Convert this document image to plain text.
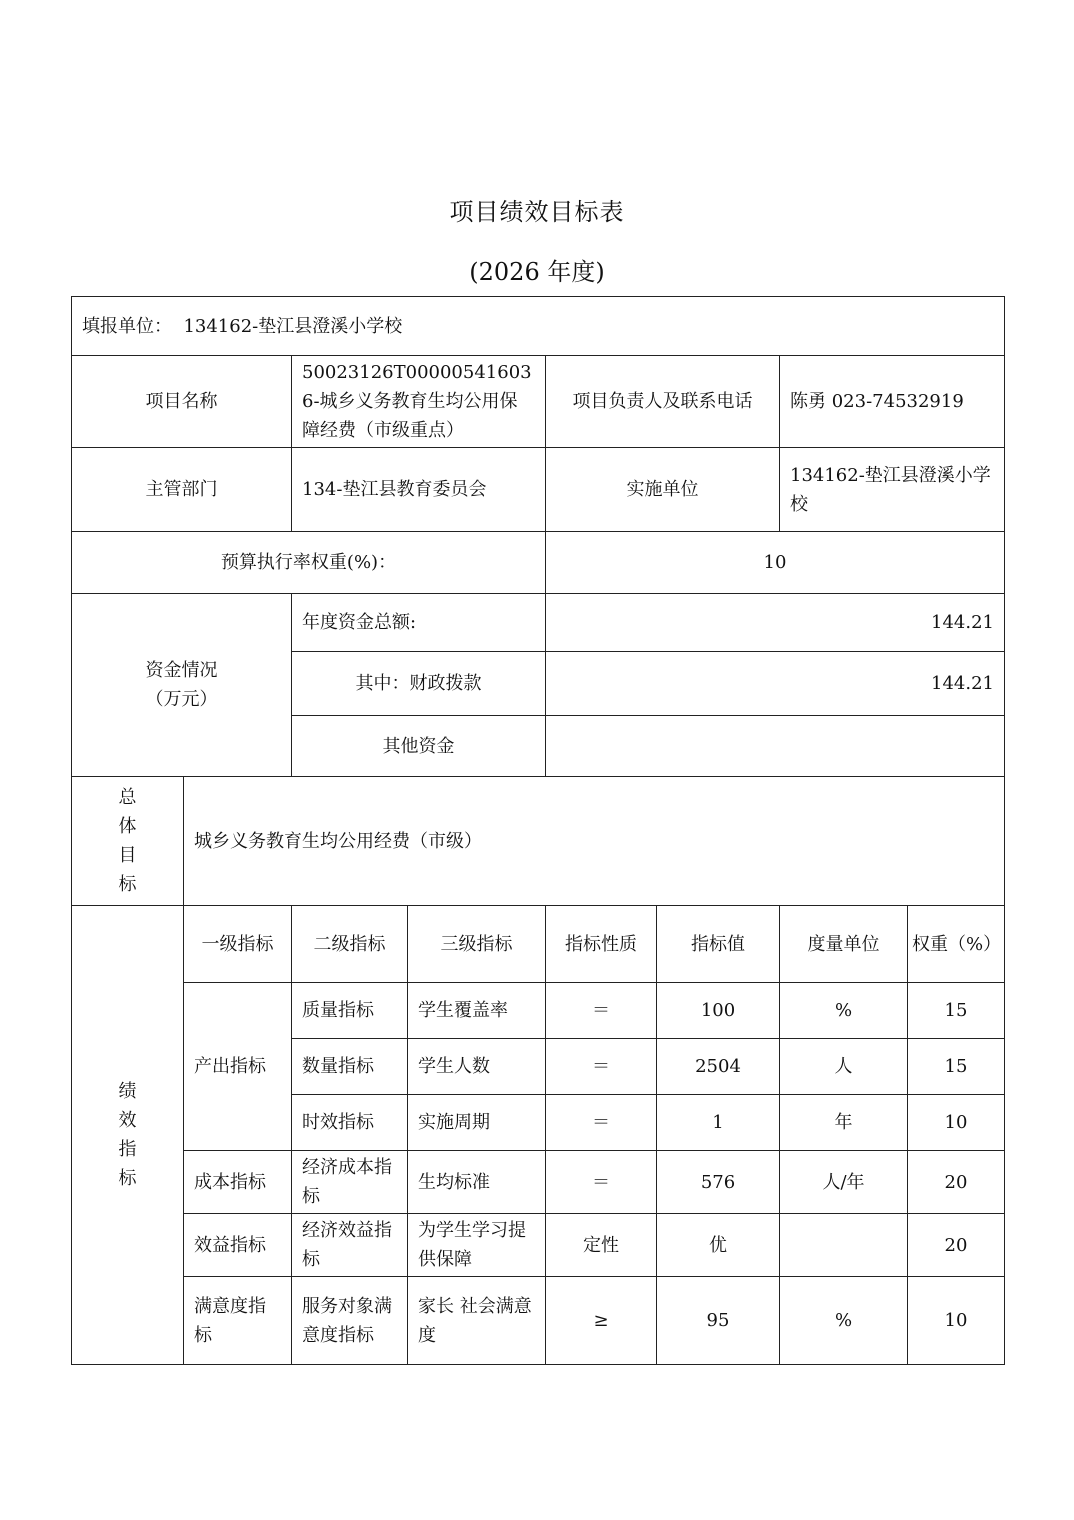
项目绩效目标表
(2026 年度)
填报单位： 134162-垫江县澄溪小学校							
项目名称		50023126T000005416036-城乡义务教育生均公用保障经费（市级重点）		项目负责人及联系电话		陈勇 023-74532919	
主管部门		134-垫江县教育委员会		实施单位		134162-垫江县澄溪小学校	
预算执行率权重(%)：				10			
资金情况
（万元）		年度资金总额:		144.21			
		其中：财政拨款		144.21			
		其他资金					

总
体
目
标	城乡义务教育生均公用经费（市级）						

绩
效
指
标	一级指标	二级指标	三级指标	指标性质	指标值	度量单位	权重（%）
	产出指标	质量指标	学生覆盖率	＝	100	%	15
		数量指标	学生人数	＝	2504	人	15
		时效指标	实施周期	＝	1	年	10
	成本指标	经济成本指标	生均标准	＝	576	人/年	20
	效益指标	经济效益指标	为学生学习提供保障	定性	优		20
	满意度指标	服务对象满意度指标	家长 社会满意度	≥	95	%	10
